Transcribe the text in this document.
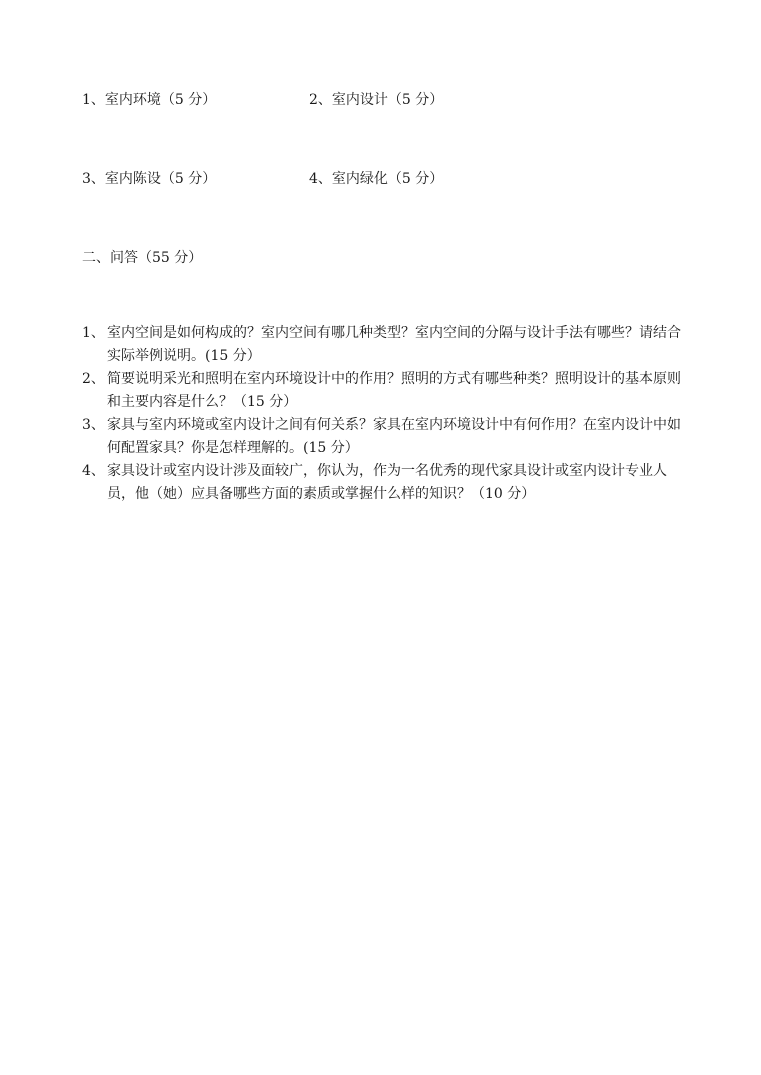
1、室内环境（5 分）	2、室内设计（5 分）
3、室内陈设（5 分）	4、室内绿化（5 分）
二、问答（55 分）
1、 室内空间是如何构成的？室内空间有哪几种类型？室内空间的分隔与设计手法有哪些？请结合实际举例说明。(15 分）
2、 简要说明采光和照明在室内环境设计中的作用？照明的方式有哪些种类？照明设计的基本原则和主要内容是什么？（15 分）
3、 家具与室内环境或室内设计之间有何关系？家具在室内环境设计中有何作用？在室内设计中如何配置家具？你是怎样理解的。(15 分）
4、 家具设计或室内设计涉及面较广，你认为，作为一名优秀的现代家具设计或室内设计专业人员，他（她）应具备哪些方面的素质或掌握什么样的知识？（10 分）
